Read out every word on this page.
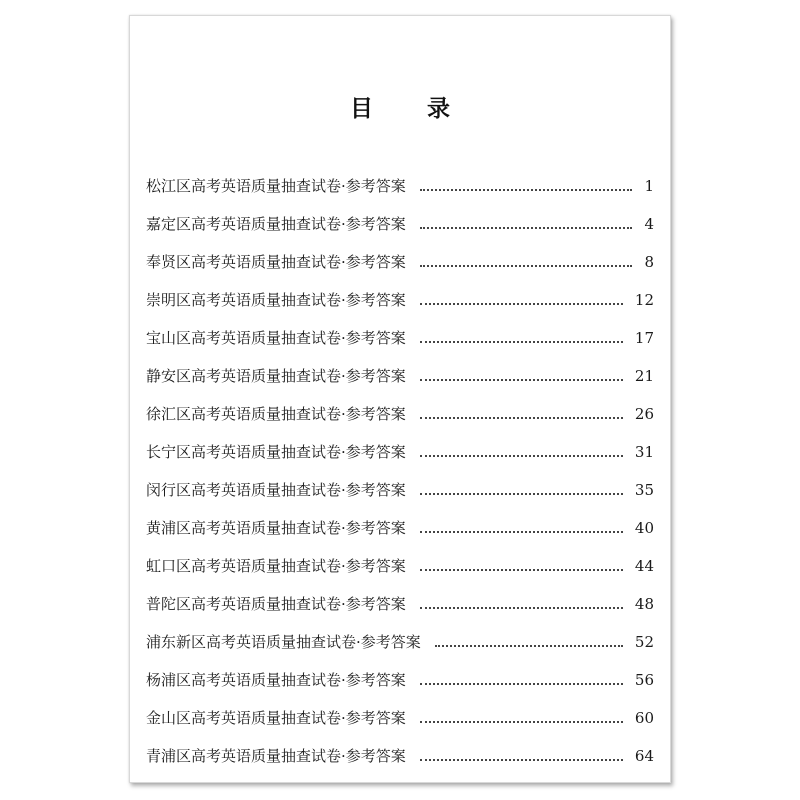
目 录
松江区高考英语质量抽查试卷·参考答案	1
嘉定区高考英语质量抽查试卷·参考答案	4
奉贤区高考英语质量抽查试卷·参考答案	8
崇明区高考英语质量抽查试卷·参考答案	12
宝山区高考英语质量抽查试卷·参考答案	17
静安区高考英语质量抽查试卷·参考答案	21
徐汇区高考英语质量抽查试卷·参考答案	26
长宁区高考英语质量抽查试卷·参考答案	31
闵行区高考英语质量抽查试卷·参考答案	35
黄浦区高考英语质量抽查试卷·参考答案	40
虹口区高考英语质量抽查试卷·参考答案	44
普陀区高考英语质量抽查试卷·参考答案	48
浦东新区高考英语质量抽查试卷·参考答案	52
杨浦区高考英语质量抽查试卷·参考答案	56
金山区高考英语质量抽查试卷·参考答案	60
青浦区高考英语质量抽查试卷·参考答案	64
